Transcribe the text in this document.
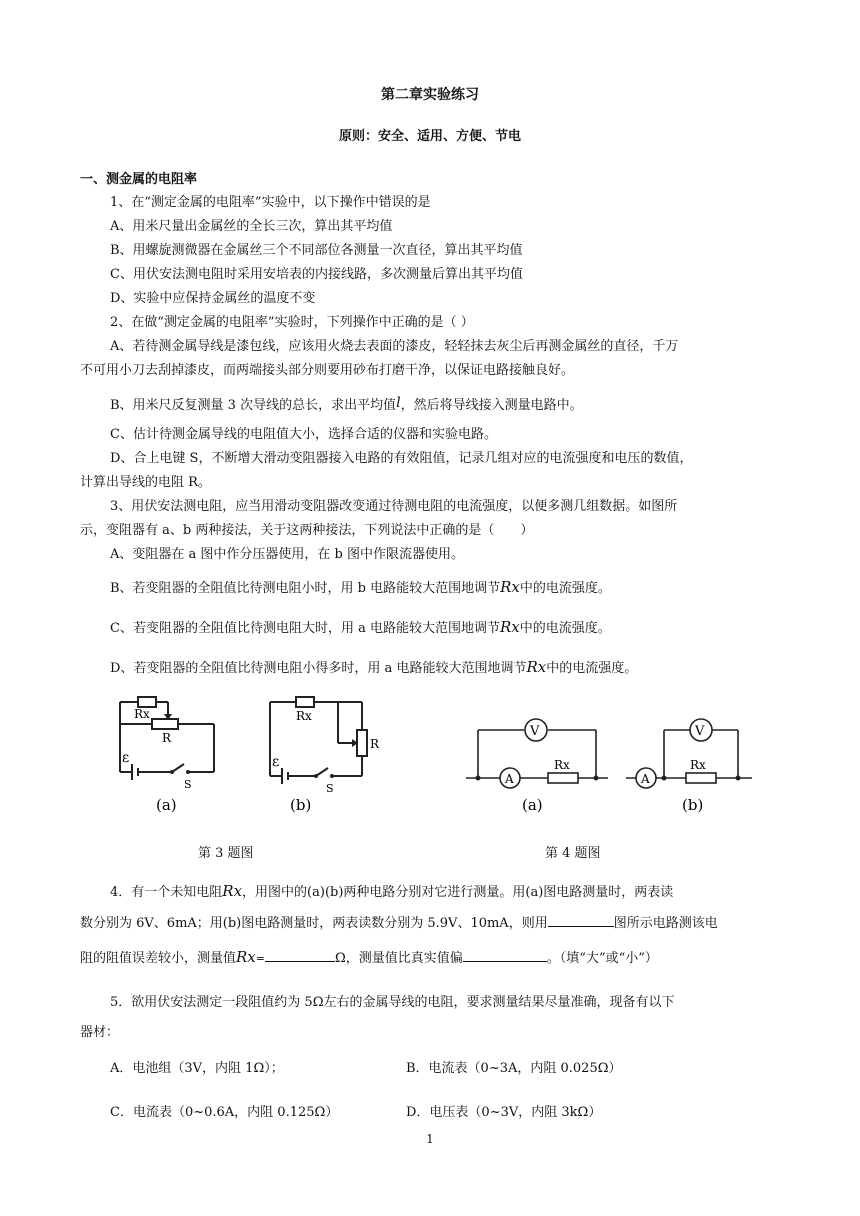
第二章实验练习
原则：安全、适用、方便、节电
一、测金属的电阻率
1、在“测定金属的电阻率”实验中，以下操作中错误的是
A、用米尺量出金属丝的全长三次，算出其平均值
B、用螺旋测微器在金属丝三个不同部位各测量一次直径，算出其平均值
C、用伏安法测电阻时采用安培表的内接线路，多次测量后算出其平均值
D、实验中应保持金属丝的温度不变
2、在做“测定金属的电阻率”实验时，下列操作中正确的是（ ）
A、若待测金属导线是漆包线，应该用火烧去表面的漆皮，轻轻抹去灰尘后再测金属丝的直径，千万
不可用小刀去刮掉漆皮，而两端接头部分则要用砂布打磨干净，以保证电路接触良好。
B、用米尺反复测量 3 次导线的总长，求出平均值l，然后将导线接入测量电路中。
C、估计待测金属导线的电阻值大小，选择合适的仪器和实验电路。
D、合上电键 S，不断增大滑动变阻器接入电路的有效阻值，记录几组对应的电流强度和电压的数值，
计算出导线的电阻 R。
3、用伏安法测电阻，应当用滑动变阻器改变通过待测电阻的电流强度，以便多测几组数据。如图所
示，变阻器有 a、b 两种接法，关于这两种接法，下列说法中正确的是（　　）
A、变阻器在 a 图中作分压器使用，在 b 图中作限流器使用。
B、若变阻器的全阻值比待测电阻小时，用 b 电路能较大范围地调节Rx中的电流强度。
C、若变阻器的全阻值比待测电阻大时，用 a 电路能较大范围地调节Rx中的电流强度。
D、若变阻器的全阻值比待测电阻小得多时，用 a 电路能较大范围地调节Rx中的电流强度。
Rx
R
ε
S
(a)
Rx
R
ε
S
(b)
V
A
Rx
(a)
V
A
Rx
(b)
第 3 题图	第 4 题图
4．有一个未知电阻Rx，用图中的(a)(b)两种电路分别对它进行测量。用(a)图电路测量时，两表读
数分别为 6V、6mA；用(b)图电路测量时，两表读数分别为 5.9V、10mA，则用	图所示电路测该电
阻的阻值误差较小，测量值Rx=	Ω，测量值比真实值偏	。（填“大”或“小”）
5．欲用伏安法测定一段阻值约为 5Ω左右的金属导线的电阻，要求测量结果尽量准确，现备有以下
器材：
A．电池组（3V，内阻 1Ω）；	B．电流表（0~3A，内阻 0.025Ω）
C．电流表（0~0.6A，内阻 0.125Ω）	D．电压表（0~3V，内阻 3kΩ）
1
